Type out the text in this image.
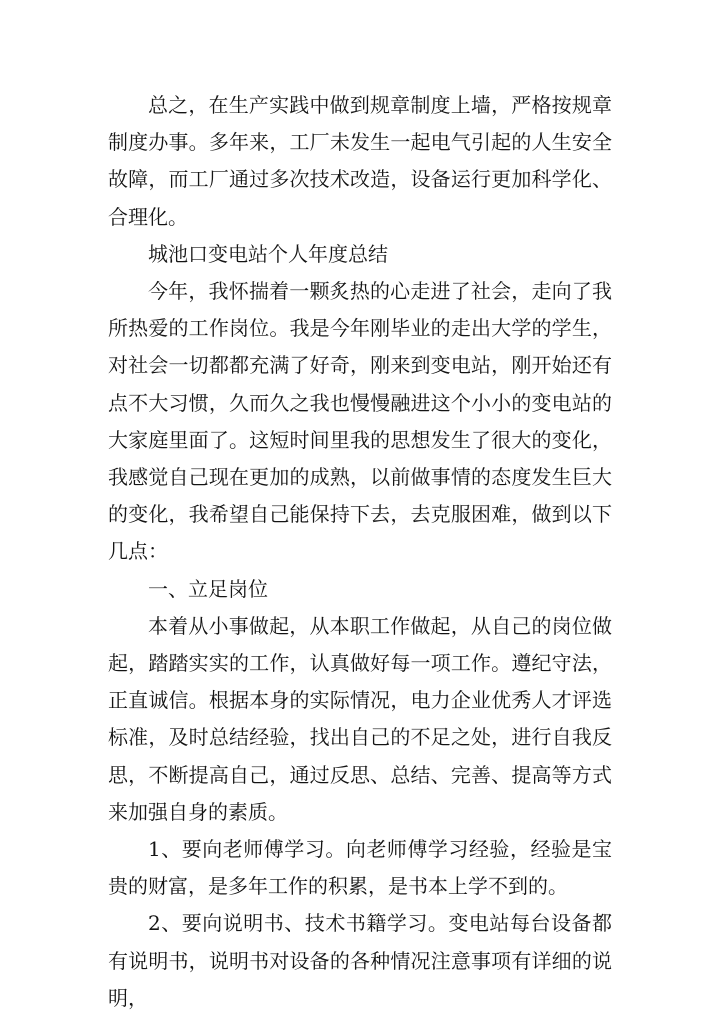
总之，在生产实践中做到规章制度上墙，严格按规章制度办事。多年来，工厂未发生一起电气引起的人生安全故障，而工厂通过多次技术改造，设备运行更加科学化、合理化。

城池口变电站个人年度总结

今年，我怀揣着一颗炙热的心走进了社会，走向了我所热爱的工作岗位。我是今年刚毕业的走出大学的学生，对社会一切都都充满了好奇，刚来到变电站，刚开始还有点不大习惯，久而久之我也慢慢融进这个小小的变电站的大家庭里面了。这短时间里我的思想发生了很大的变化，我感觉自己现在更加的成熟，以前做事情的态度发生巨大的变化，我希望自己能保持下去，去克服困难，做到以下几点：

一、立足岗位

本着从小事做起，从本职工作做起，从自己的岗位做起，踏踏实实的工作，认真做好每一项工作。遵纪守法，正直诚信。根据本身的实际情况，电力企业优秀人才评选标准，及时总结经验，找出自己的不足之处，进行自我反思，不断提高自己，通过反思、总结、完善、提高等方式来加强自身的素质。

1、要向老师傅学习。向老师傅学习经验，经验是宝贵的财富，是多年工作的积累，是书本上学不到的。

2、要向说明书、技术书籍学习。变电站每台设备都有说明书，说明书对设备的各种情况注意事项有详细的说明，
